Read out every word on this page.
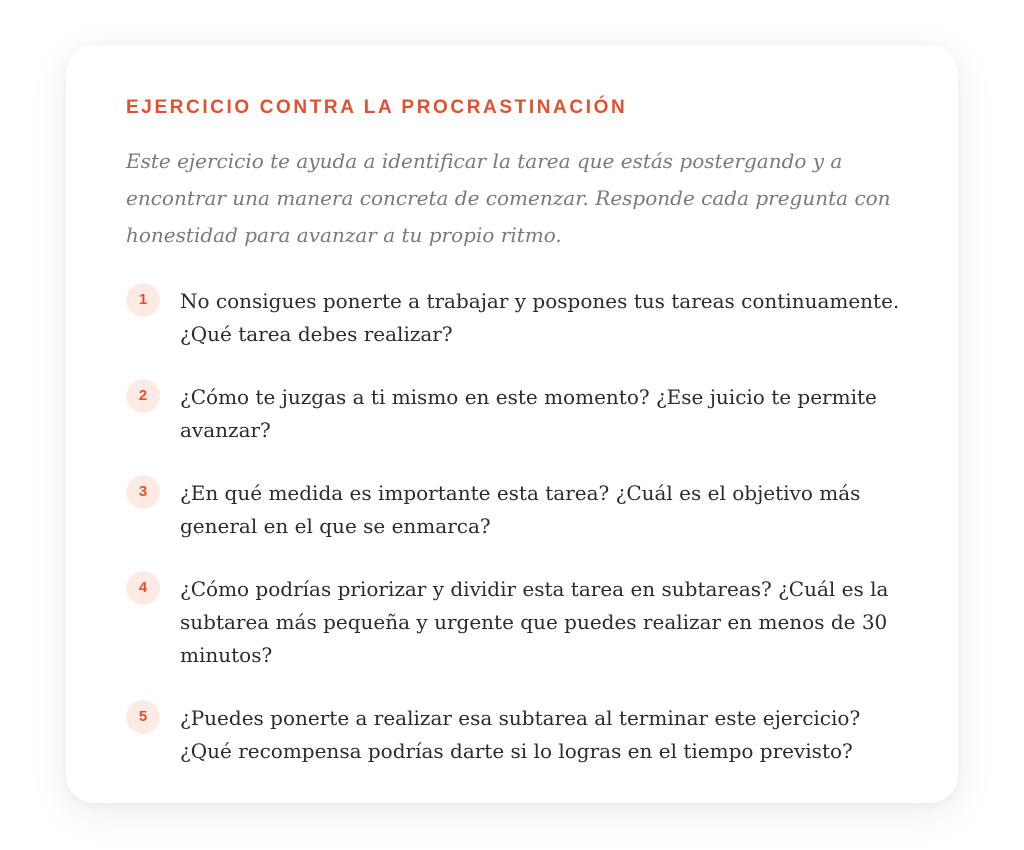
EJERCICIO CONTRA LA PROCRASTINACIÓN

Este ejercicio te ayuda a identificar la tarea que estás postergando y a encontrar una manera concreta de comenzar. Responde cada pregunta con honestidad para avanzar a tu propio ritmo.

1	No consigues ponerte a trabajar y pospones tus tareas continuamente. ¿Qué tarea debes realizar?
2	¿Cómo te juzgas a ti mismo en este momento? ¿Ese juicio te permite avanzar?
3	¿En qué medida es importante esta tarea? ¿Cuál es el objetivo más general en el que se enmarca?
4	¿Cómo podrías priorizar y dividir esta tarea en subtareas? ¿Cuál es la subtarea más pequeña y urgente que puedes realizar en menos de 30 minutos?
5	¿Puedes ponerte a realizar esa subtarea al terminar este ejercicio? ¿Qué recompensa podrías darte si lo logras en el tiempo previsto?
